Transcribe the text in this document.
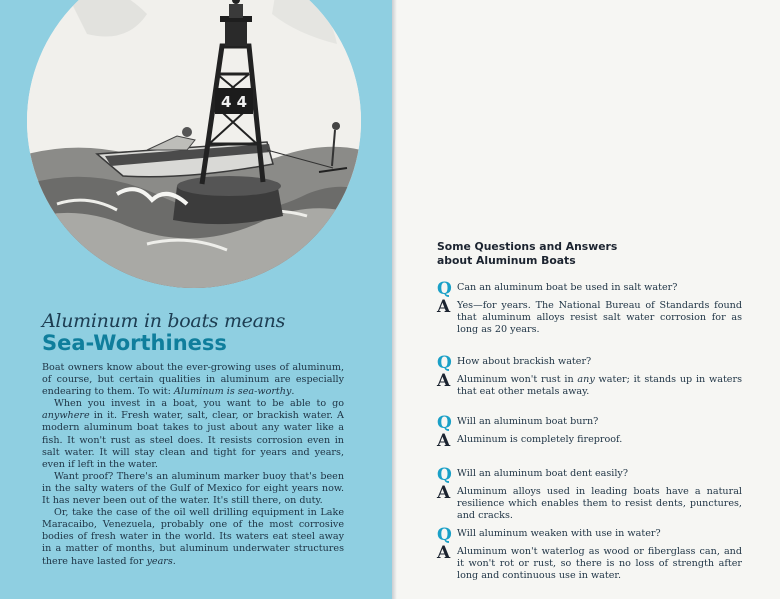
4 4
Aluminum in boats means
Sea-Worthiness

Boat owners know about the ever-growing uses of aluminum, of course, but certain qualities in aluminum are especially endearing to them. To wit: Aluminum is sea-worthy.

When you invest in a boat, you want to be able to go anywhere in it. Fresh water, salt, clear, or brackish water. A modern aluminum boat takes to just about any water like a fish. It won't rust as steel does. It resists corrosion even in salt water. It will stay clean and tight for years and years, even if left in the water.

Want proof? There's an aluminum marker buoy that's been in the salty waters of the Gulf of Mexico for eight years now. It has never been out of the water. It's still there, on duty.

Or, take the case of the oil well drilling equipment in Lake Maracaibo, Venezuela, probably one of the most corrosive bodies of fresh water in the world. Its waters eat steel away in a matter of months, but aluminum underwater structures there have lasted for years.

Some Questions and Answers
about Aluminum Boats
Q Can an aluminum boat be used in salt water?
A Yes—for years. The National Bureau of Standards found that aluminum alloys resist salt water corrosion for as long as 20 years.
Q How about brackish water?
A Aluminum won't rust in any water; it stands up in waters that eat other metals away.
Q Will an aluminum boat burn?
A Aluminum is completely fireproof.
Q Will an aluminum boat dent easily?
A Aluminum alloys used in leading boats have a natural resilience which enables them to resist dents, punctures, and cracks.
Q Will aluminum weaken with use in water?
A Aluminum won't waterlog as wood or fiberglass can, and it won't rot or rust, so there is no loss of strength after long and continuous use in water.
